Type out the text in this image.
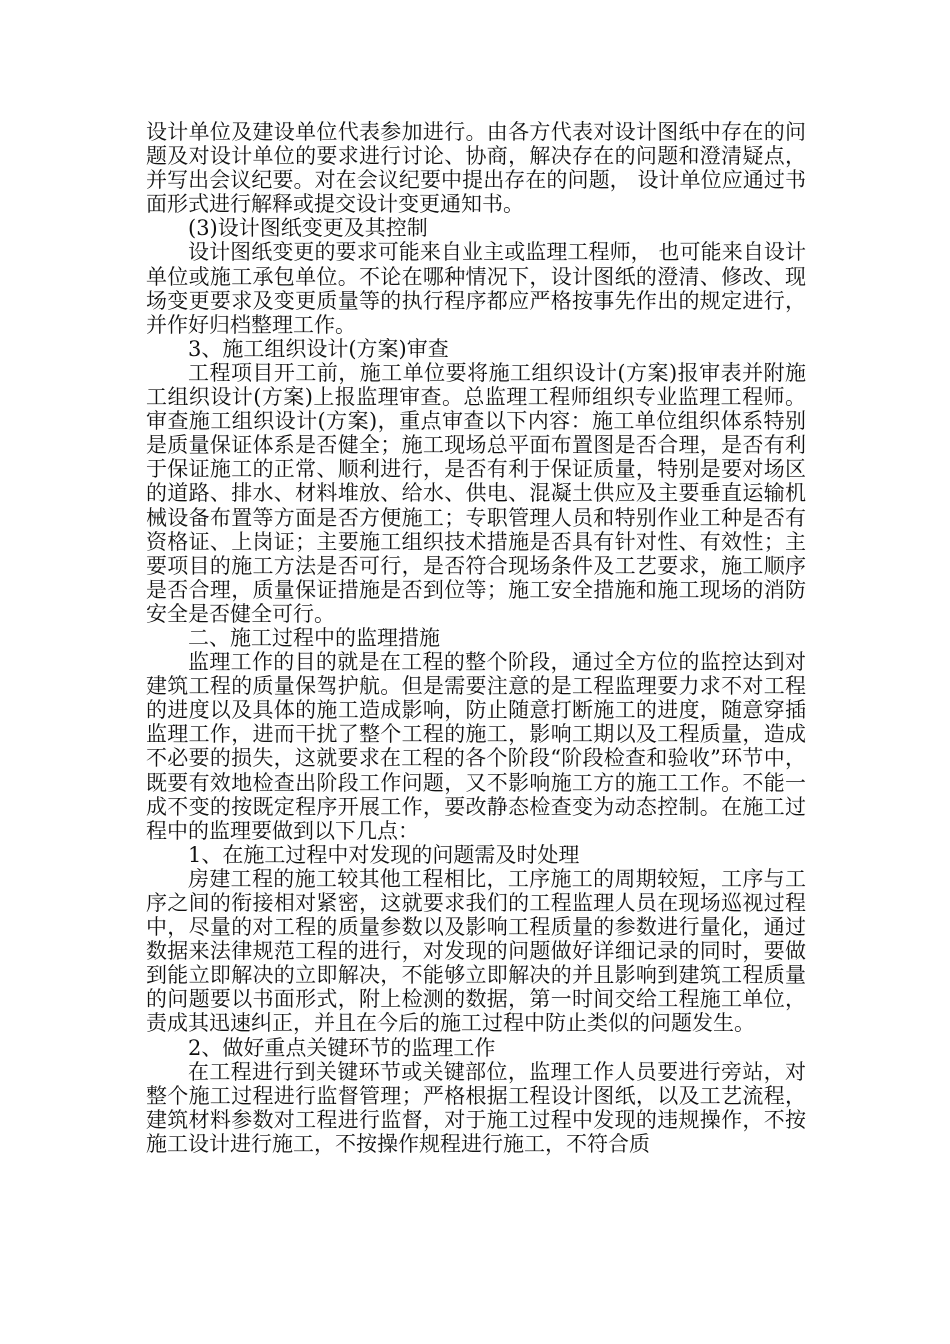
设计单位及建设单位代表参加进行。由各方代表对设计图纸中存在的问题及对设计单位的要求进行讨论、协商，解决存在的问题和澄清疑点，并写出会议纪要。对在会议纪要中提出存在的问题， 设计单位应通过书面形式进行解释或提交设计变更通知书。

(3)设计图纸变更及其控制

设计图纸变更的要求可能来自业主或监理工程师， 也可能来自设计单位或施工承包单位。不论在哪种情况下，设计图纸的澄清、修改、现场变更要求及变更质量等的执行程序都应严格按事先作出的规定进行， 并作好归档整理工作。

3、施工组织设计(方案)审查

工程项目开工前，施工单位要将施工组织设计(方案)报审表并附施工组织设计(方案)上报监理审查。总监理工程师组织专业监理工程师。审查施工组织设计(方案)，重点审查以下内容：施工单位组织体系特别是质量保证体系是否健全；施工现场总平面布置图是否合理，是否有利于保证施工的正常、顺利进行，是否有利于保证质量，特别是要对场区的道路、排水、材料堆放、给水、供电、混凝土供应及主要垂直运输机械设备布置等方面是否方便施工；专职管理人员和特别作业工种是否有资格证、上岗证；主要施工组织技术措施是否具有针对性、有效性；主要项目的施工方法是否可行，是否符合现场条件及工艺要求，施工顺序是否合理，质量保证措施是否到位等；施工安全措施和施工现场的消防安全是否健全可行。

二、施工过程中的监理措施

监理工作的目的就是在工程的整个阶段，通过全方位的监控达到对建筑工程的质量保驾护航。但是需要注意的是工程监理要力求不对工程的进度以及具体的施工造成影响，防止随意打断施工的进度，随意穿插监理工作，进而干扰了整个工程的施工，影响工期以及工程质量，造成不必要的损失，这就要求在工程的各个阶段“阶段检查和验收”环节中，既要有效地检查出阶段工作问题，又不影响施工方的施工工作。不能一成不变的按既定程序开展工作，要改静态检查变为动态控制。在施工过程中的监理要做到以下几点：

1、在施工过程中对发现的问题需及时处理

房建工程的施工较其他工程相比，工序施工的周期较短，工序与工序之间的衔接相对紧密，这就要求我们的工程监理人员在现场巡视过程中，尽量的对工程的质量参数以及影响工程质量的参数进行量化，通过数据来法律规范工程的进行，对发现的问题做好详细记录的同时，要做到能立即解决的立即解决，不能够立即解决的并且影响到建筑工程质量的问题要以书面形式，附上检测的数据，第一时间交给工程施工单位，责成其迅速纠正，并且在今后的施工过程中防止类似的问题发生。

2、做好重点关键环节的监理工作

在工程进行到关键环节或关键部位，监理工作人员要进行旁站，对整个施工过程进行监督管理；严格根据工程设计图纸，以及工艺流程，建筑材料参数对工程进行监督，对于施工过程中发现的违规操作，不按施工设计进行施工，不按操作规程进行施工，不符合质
